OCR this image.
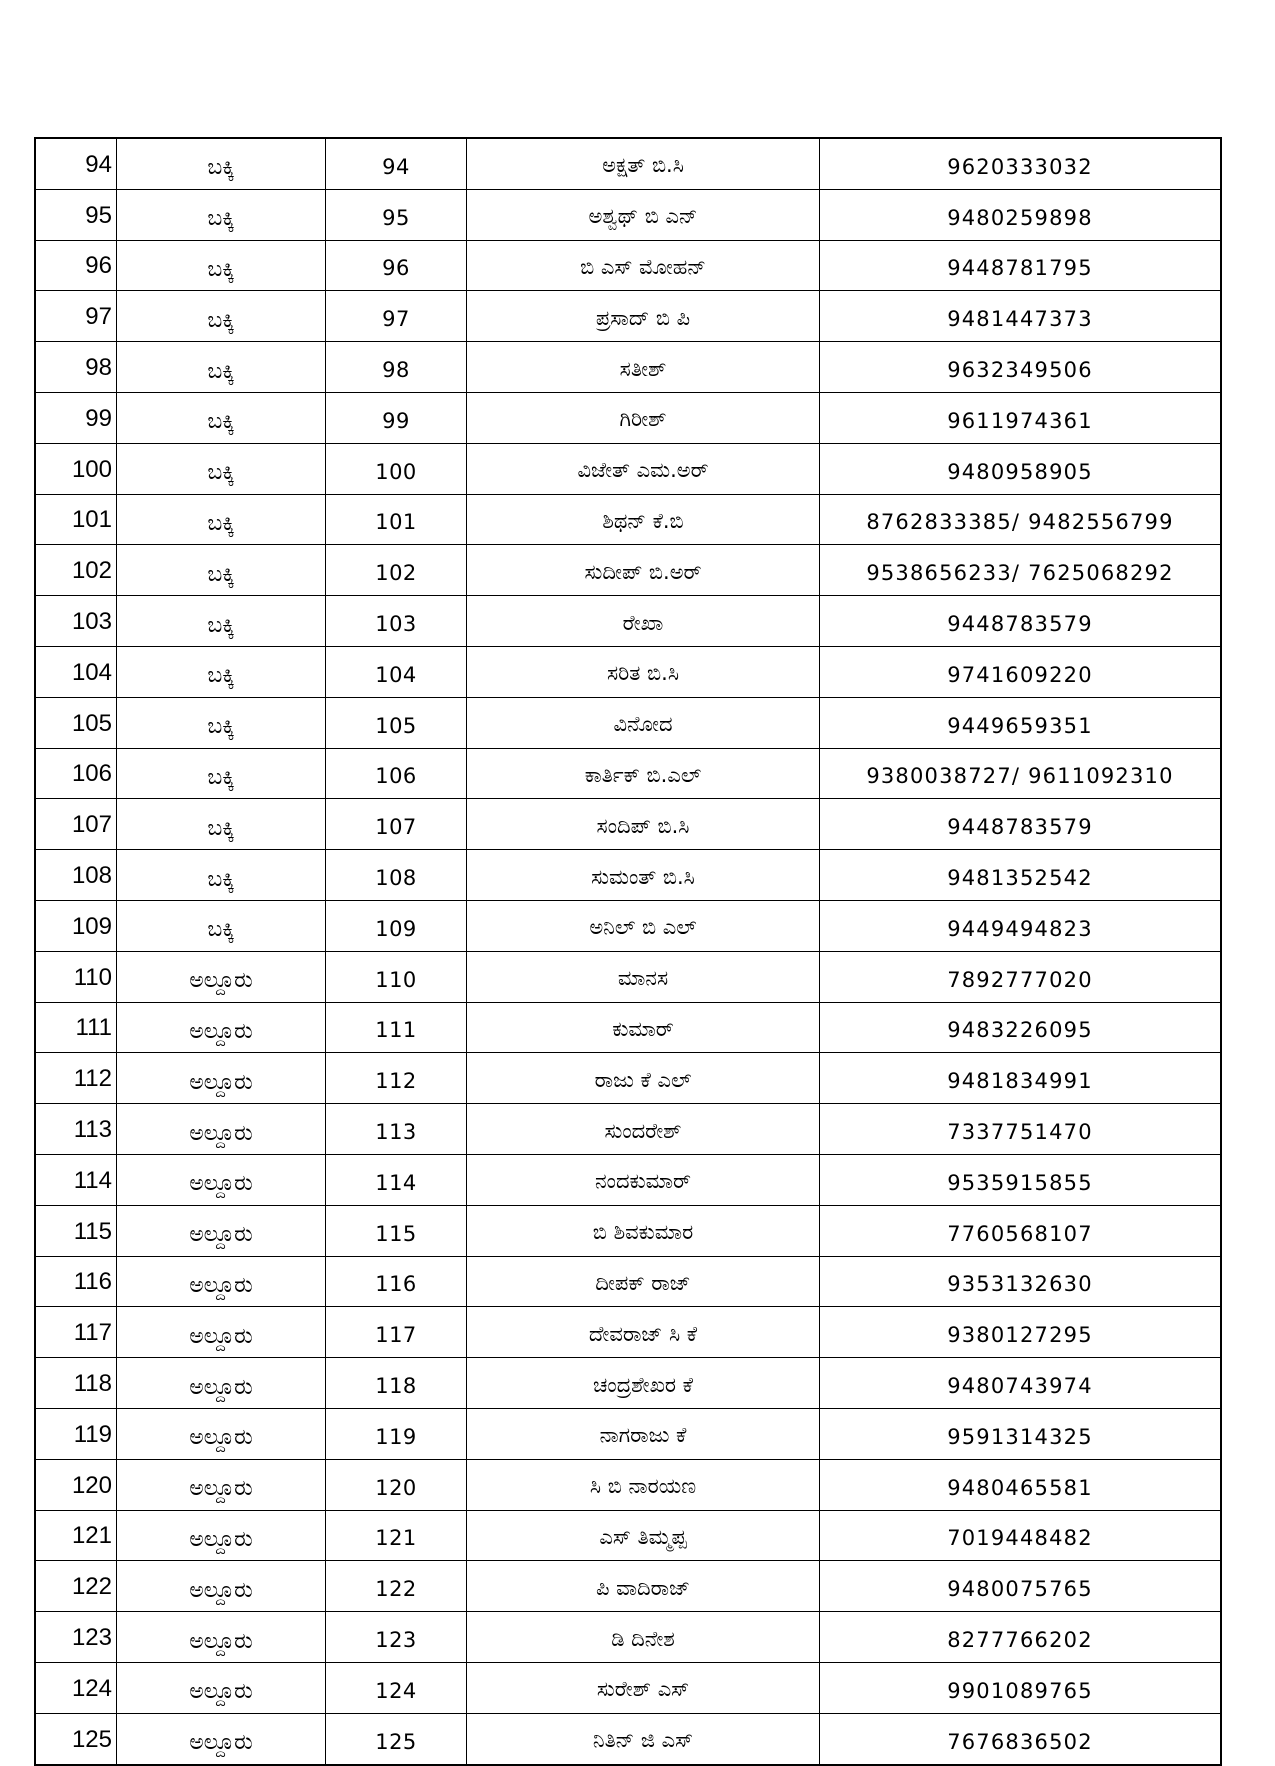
94	ಬಕ್ಕಿ	94	ಅಕ್ಷತ್ ಬಿ.ಸಿ	9620333032
95	ಬಕ್ಕಿ	95	ಅಶ್ವಥ್ ಬಿ ಎನ್	9480259898
96	ಬಕ್ಕಿ	96	ಬಿ ಎಸ್ ಮೋಹನ್	9448781795
97	ಬಕ್ಕಿ	97	ಪ್ರಸಾದ್ ಬಿ ಪಿ	9481447373
98	ಬಕ್ಕಿ	98	ಸತೀಶ್	9632349506
99	ಬಕ್ಕಿ	99	ಗಿರೀಶ್	9611974361
100	ಬಕ್ಕಿ	100	ವಿಜೇತ್ ಎಮ.ಅರ್	9480958905
101	ಬಕ್ಕಿ	101	ಶಿಥನ್ ಕೆ.ಬಿ	8762833385/ 9482556799
102	ಬಕ್ಕಿ	102	ಸುದೀಪ್ ಬಿ.ಅರ್	9538656233/ 7625068292
103	ಬಕ್ಕಿ	103	ರೇಖಾ	9448783579
104	ಬಕ್ಕಿ	104	ಸರಿತ ಬಿ.ಸಿ	9741609220
105	ಬಕ್ಕಿ	105	ವಿನೋದ	9449659351
106	ಬಕ್ಕಿ	106	ಕಾರ್ತಿಕ್ ಬಿ.ಎಲ್	9380038727/ 9611092310
107	ಬಕ್ಕಿ	107	ಸಂದಿಪ್ ಬಿ.ಸಿ	9448783579
108	ಬಕ್ಕಿ	108	ಸುಮಂತ್ ಬಿ.ಸಿ	9481352542
109	ಬಕ್ಕಿ	109	ಅನಿಲ್ ಬಿ ಎಲ್	9449494823
110	ಅಲ್ದೂರು	110	ಮಾನಸ	7892777020
111	ಅಲ್ದೂರು	111	ಕುಮಾರ್	9483226095
112	ಅಲ್ದೂರು	112	ರಾಜು ಕೆ ಎಲ್	9481834991
113	ಅಲ್ದೂರು	113	ಸುಂದರೇಶ್	7337751470
114	ಅಲ್ದೂರು	114	ನಂದಕುಮಾರ್	9535915855
115	ಅಲ್ದೂರು	115	ಬಿ ಶಿವಕುಮಾರ	7760568107
116	ಅಲ್ದೂರು	116	ದೀಪಕ್ ರಾಜ್	9353132630
117	ಅಲ್ದೂರು	117	ದೇವರಾಜ್ ಸಿ ಕೆ	9380127295
118	ಅಲ್ದೂರು	118	ಚಂದ್ರಶೇಖರ ಕೆ	9480743974
119	ಅಲ್ದೂರು	119	ನಾಗರಾಜು ಕೆ	9591314325
120	ಅಲ್ದೂರು	120	ಸಿ ಬಿ ನಾರಯಣ	9480465581
121	ಅಲ್ದೂರು	121	ಎಸ್ ತಿಮ್ಮಪ್ಪ	7019448482
122	ಅಲ್ದೂರು	122	ಪಿ ವಾದಿರಾಜ್	9480075765
123	ಅಲ್ದೂರು	123	ಡಿ ದಿನೇಶ	8277766202
124	ಅಲ್ದೂರು	124	ಸುರೇಶ್ ಎಸ್	9901089765
125	ಅಲ್ದೂರು	125	ನಿತಿನ್ ಜಿ ಎಸ್	7676836502
